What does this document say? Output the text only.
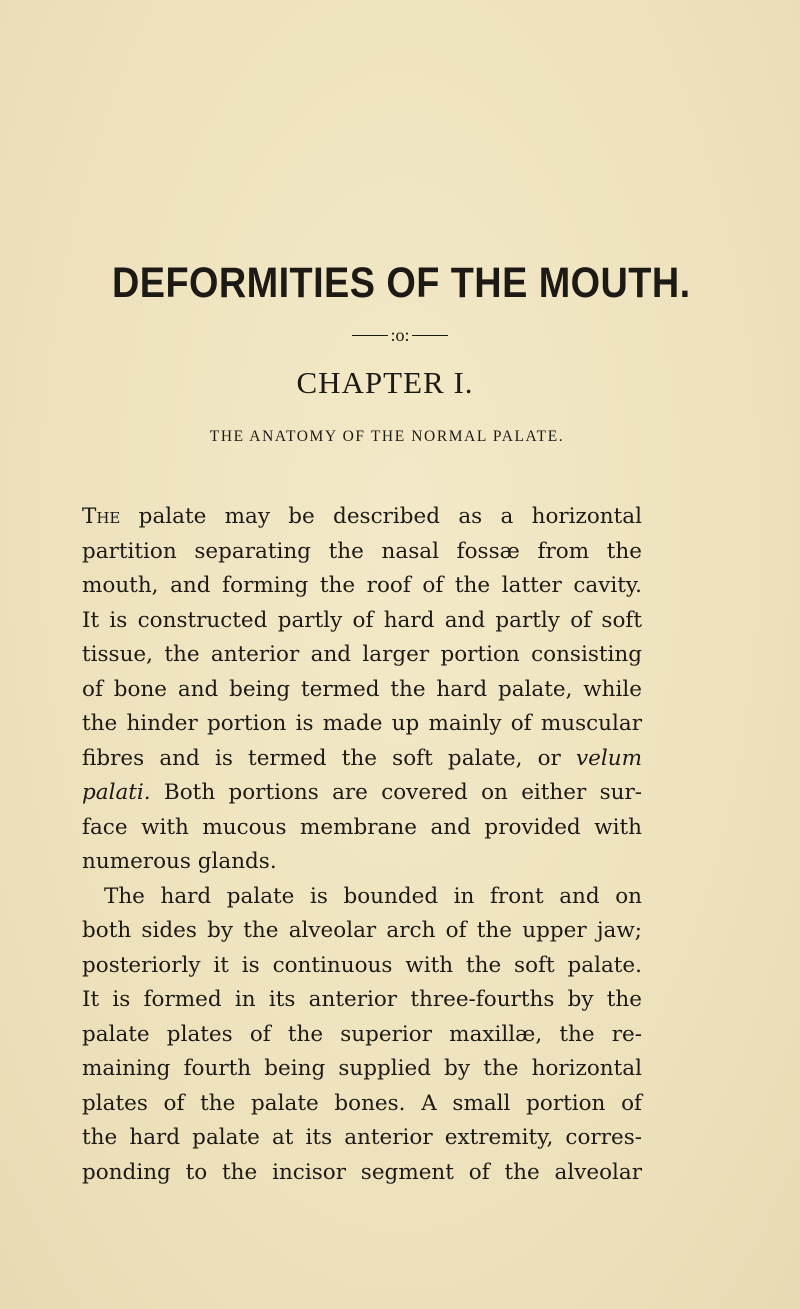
DEFORMITIES OF THE MOUTH.
:o:
CHAPTER I.
THE ANATOMY OF THE NORMAL PALATE.
The palate may be described as a horizontal
partition separating the nasal fossæ from the
mouth, and forming the roof of the latter cavity.
It is constructed partly of hard and partly of soft
tissue, the anterior and larger portion consisting
of bone and being termed the hard palate, while
the hinder portion is made up mainly of muscular
fibres and is termed the soft palate, or velum
palati. Both portions are covered on either sur-
face with mucous membrane and provided with
numerous glands.
The hard palate is bounded in front and on
both sides by the alveolar arch of the upper jaw;
posteriorly it is continuous with the soft palate.
It is formed in its anterior three-fourths by the
palate plates of the superior maxillæ, the re-
maining fourth being supplied by the horizontal
plates of the palate bones. A small portion of
the hard palate at its anterior extremity, corres-
ponding to the incisor segment of the alveolar
